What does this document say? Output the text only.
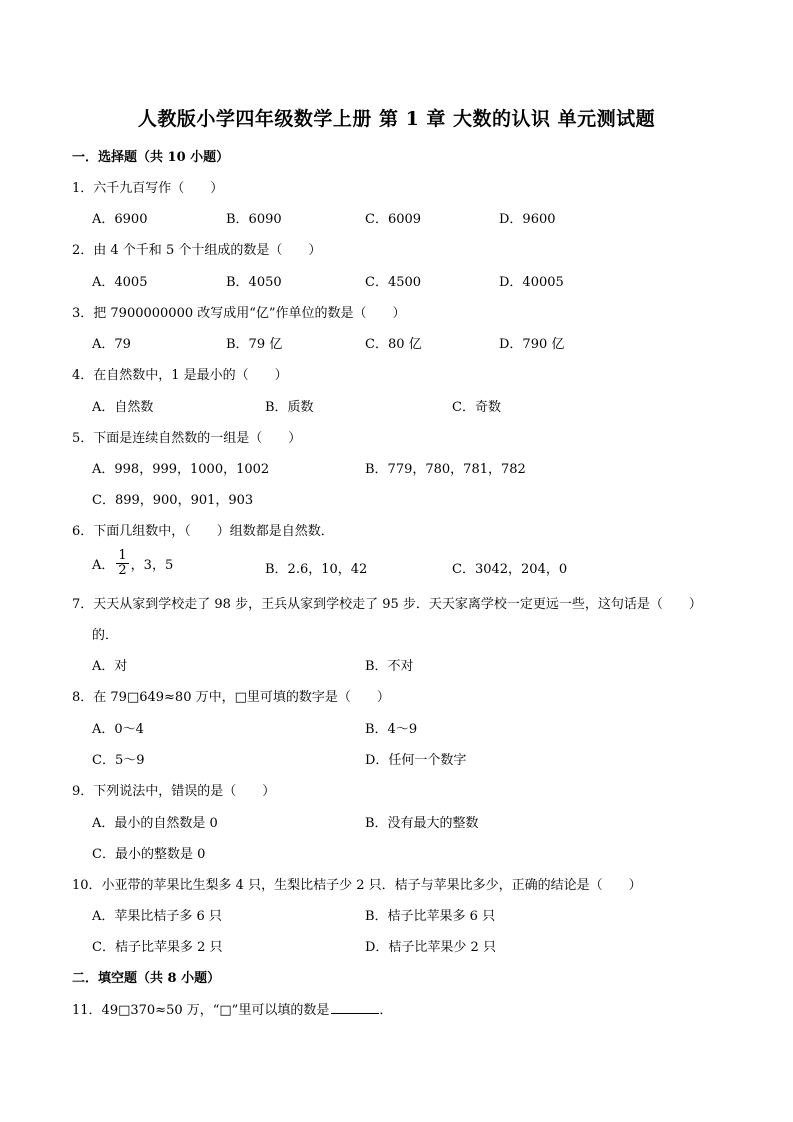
人教版小学四年级数学上册 第 1 章 大数的认识 单元测试题
一．选择题（共 10 小题）
1．六千九百写作（　　）
A．6900	B．6090	C．6009	D．9600
2．由 4 个千和 5 个十组成的数是（　　）
A．4005	B．4050	C．4500	D．40005
3．把 7900000000 改写成用“亿”作单位的数是（　　）
A．79	B．79 亿	C．80 亿	D．790 亿
4．在自然数中，1 是最小的（　　）
A．自然数	B．质数	C．奇数
5．下面是连续自然数的一组是（　　）
A．998，999，1000，1002	B．779，780，781，782
C．899，900，901，903
6．下面几组数中，（　　）组数都是自然数．
A． $\frac{1}{2}$ ，3，5	B．2.6，10，42	C．3042，204，0
7．天天从家到学校走了 98 步，王兵从家到学校走了 95 步．天天家离学校一定更远一些，这句话是（　　）
的．
A．对	B．不对
8．在 79□649≈80 万中，□里可填的数字是（　　）
A．0～4	B．4～9
C．5～9	D．任何一个数字
9．下列说法中，错误的是（　　）
A．最小的自然数是 0	B．没有最大的整数
C．最小的整数是 0
10．小亚带的苹果比生梨多 4 只，生梨比桔子少 2 只．桔子与苹果比多少，正确的结论是（　　）
A．苹果比桔子多 6 只	B．桔子比苹果多 6 只
C．桔子比苹果多 2 只	D．桔子比苹果少 2 只
二．填空题（共 8 小题）
11．49□370≈50 万，“□”里可以填的数是	．
